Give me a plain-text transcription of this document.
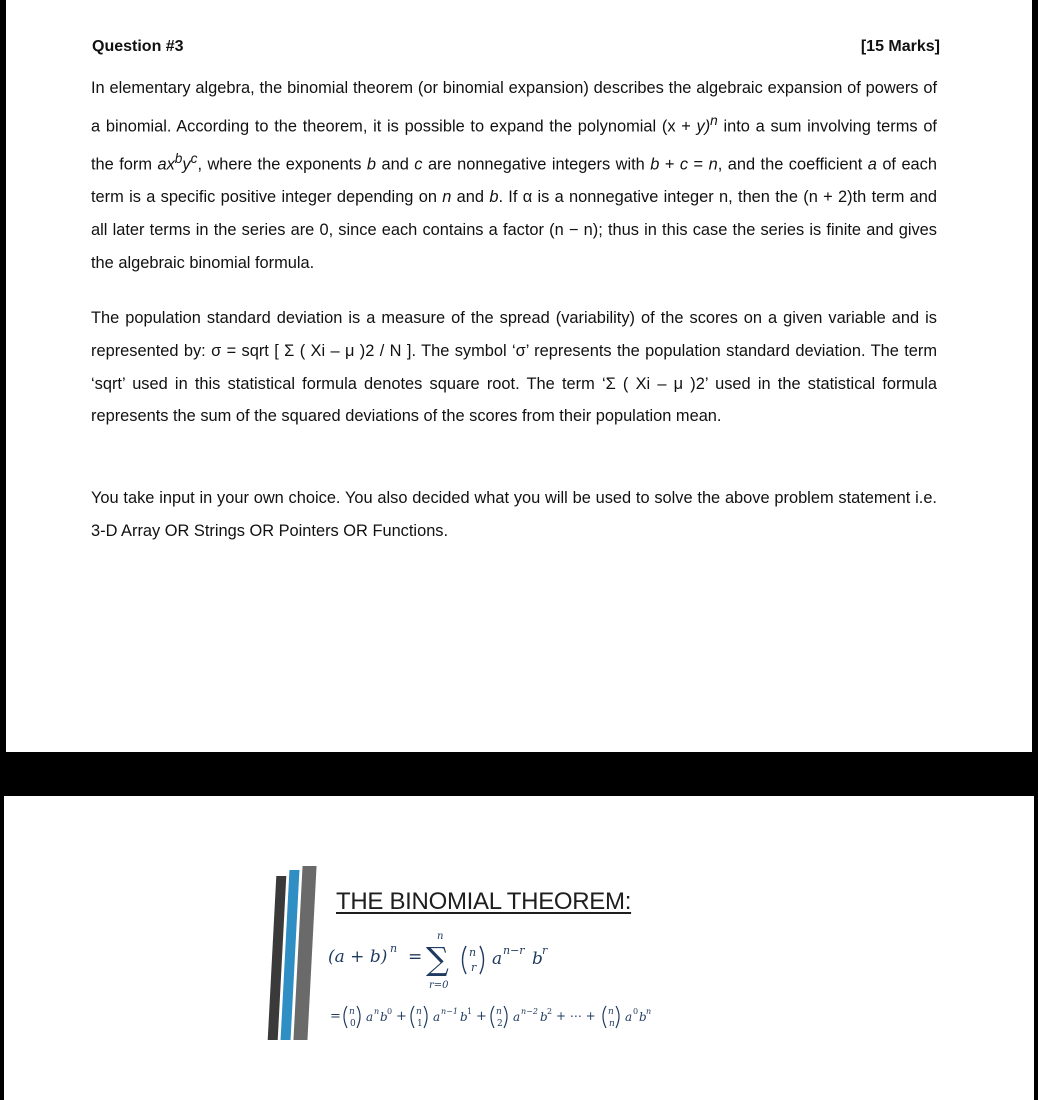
Question #3	[15 Marks]

In elementary algebra, the binomial theorem (or binomial expansion) describes the algebraic expansion of powers of a binomial. According to the theorem, it is possible to expand the polynomial $(x + y)^n$ into a sum involving terms of the form $ax^by^c$, where the exponents b and c are nonnegative integers with b + c = n, and the coefficient a of each term is a specific positive integer depending on n and b. If α is a nonnegative integer n, then the (n + 2)th term and all later terms in the series are 0, since each contains a factor (n − n); thus in this case the series is finite and gives the algebraic binomial formula.

The population standard deviation is a measure of the spread (variability) of the scores on a given variable and is represented by: σ = sqrt [ Σ ( Xi – μ )2 / N ]. The symbol ‘σ’ represents the population standard deviation. The term ‘sqrt’ used in this statistical formula denotes square root. The term ‘Σ ( Xi – μ )2’ used in the statistical formula represents the sum of the squared deviations of the scores from their population mean.

You take input in your own choice. You also decided what you will be used to solve the above problem statement i.e. 3-D Array OR Strings OR Pointers OR Functions.

THE BINOMIAL THEOREM:
(a + b) n = ∑
n
r=0
n
r a n−r b r
= n
0 a n b 0 + n
1 a n−1 b 1 + n
2 a n−2 b 2 + ⋯ + n
n a 0 b n
